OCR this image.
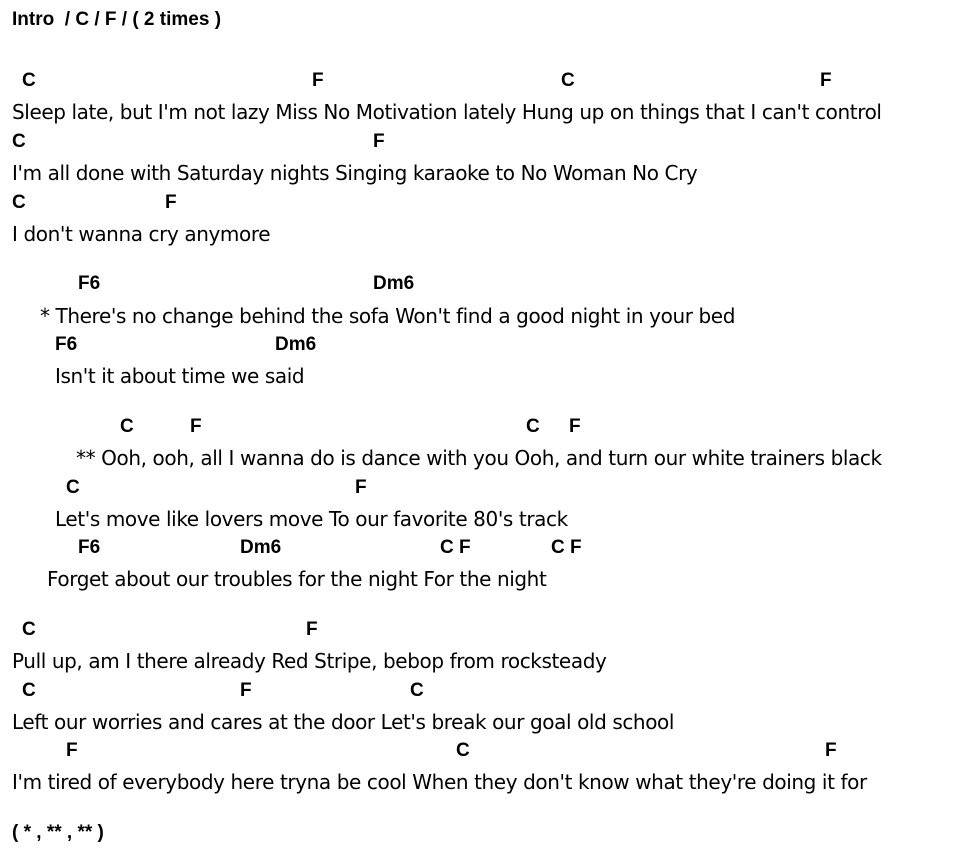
Intro  / C / F / ( 2 times )
C	F	C	F
Sleep late, but I'm not lazy Miss No Motivation lately Hung up on things that I can't control
C	F
I'm all done with Saturday nights Singing karaoke to No Woman No Cry
C	F
I don't wanna cry anymore
F6	Dm6
* There's no change behind the sofa Won't find a good night in your bed
F6	Dm6
Isn't it about time we said
C	F	C F
** Ooh, ooh, all I wanna do is dance with you Ooh, and turn our white trainers black
C	F
Let's move like lovers move To our favorite 80's track
F6	Dm6	C F	C F
Forget about our troubles for the night For the night
C	F
Pull up, am I there already Red Stripe, bebop from rocksteady
C	F	C
Left our worries and cares at the door Let's break our goal old school
F	C	F
I'm tired of everybody here tryna be cool When they don't know what they're doing it for
( * , ** , ** )
